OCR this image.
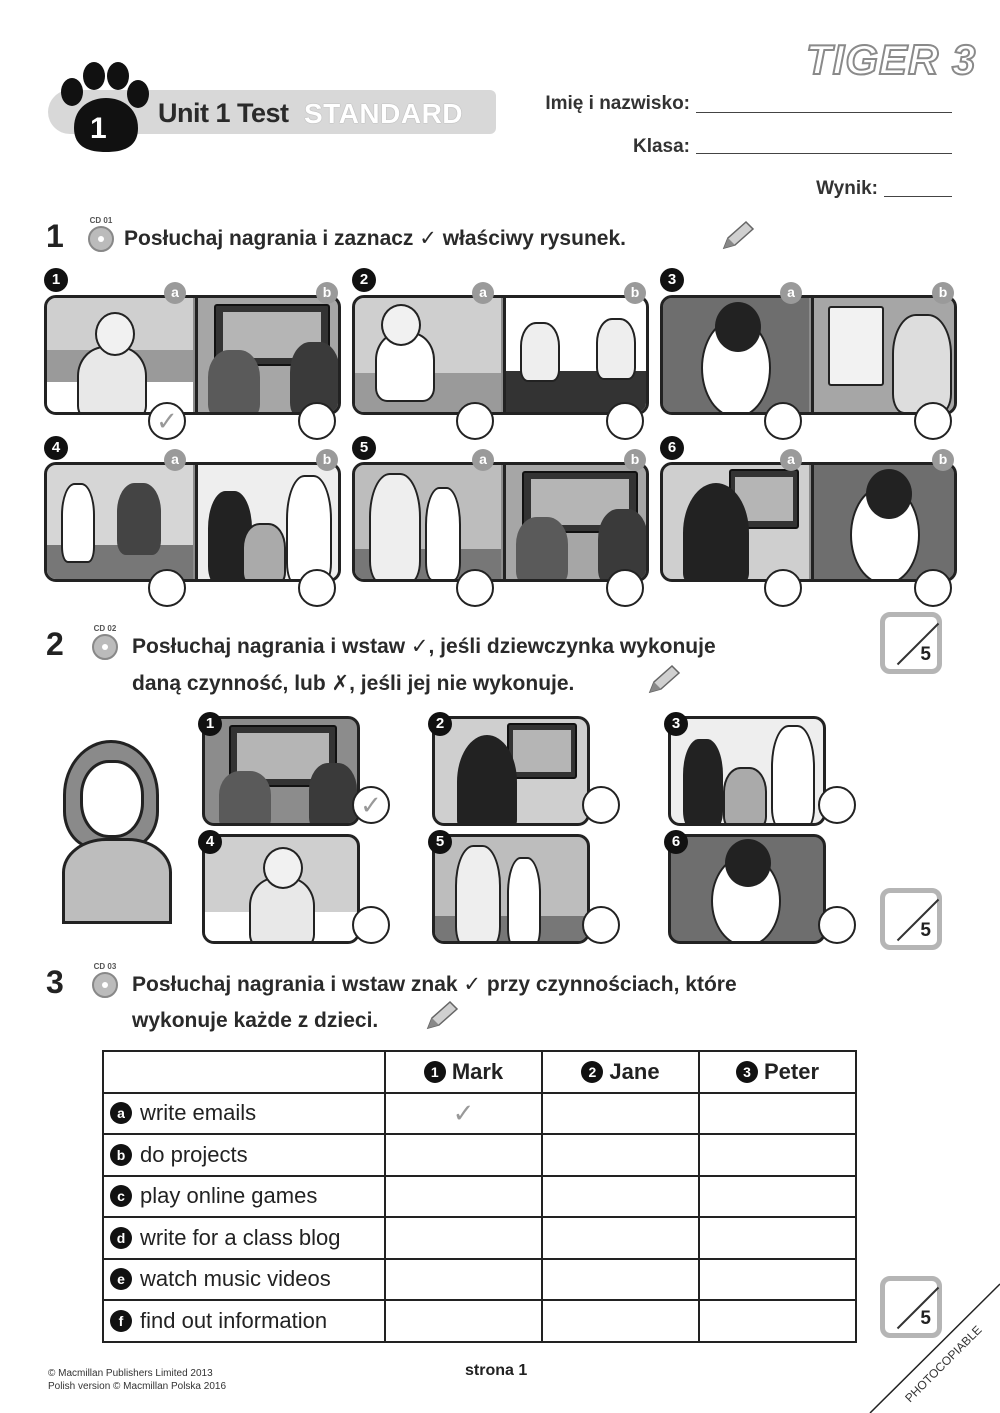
1 Unit 1 Test STANDARD
TIGER 3
Imię i nazwisko:
Klasa:
Wynik:
1	CD 01
Posłuchaj nagrania i zaznacz ✓ właściwy rysunek.
1
a	b
✓
2
a	b
3
a	b
4
a	b
5
a	b
6
a	b
2	CD 02
Posłuchaj nagrania i wstaw ✓, jeśli dziewczynka wykonuje
daną czynność, lub ✗, jeśli jej nie wykonuje.
5
1	2	3
4	5	6
✓
5
3	CD 03
Posłuchaj nagrania i wstaw znak ✓ przy czynnościach, które
wykonuje każde z dzieci.
	1 Mark	2 Jane	3 Peter
a write emails	✓		
b do projects			
c play online games			
d write for a class blog			
e watch music videos			
f find out information				5
© Macmillan Publishers Limited 2013
Polish version © Macmillan Polska 2016
strona 1	PHOTOCOPIABLE
